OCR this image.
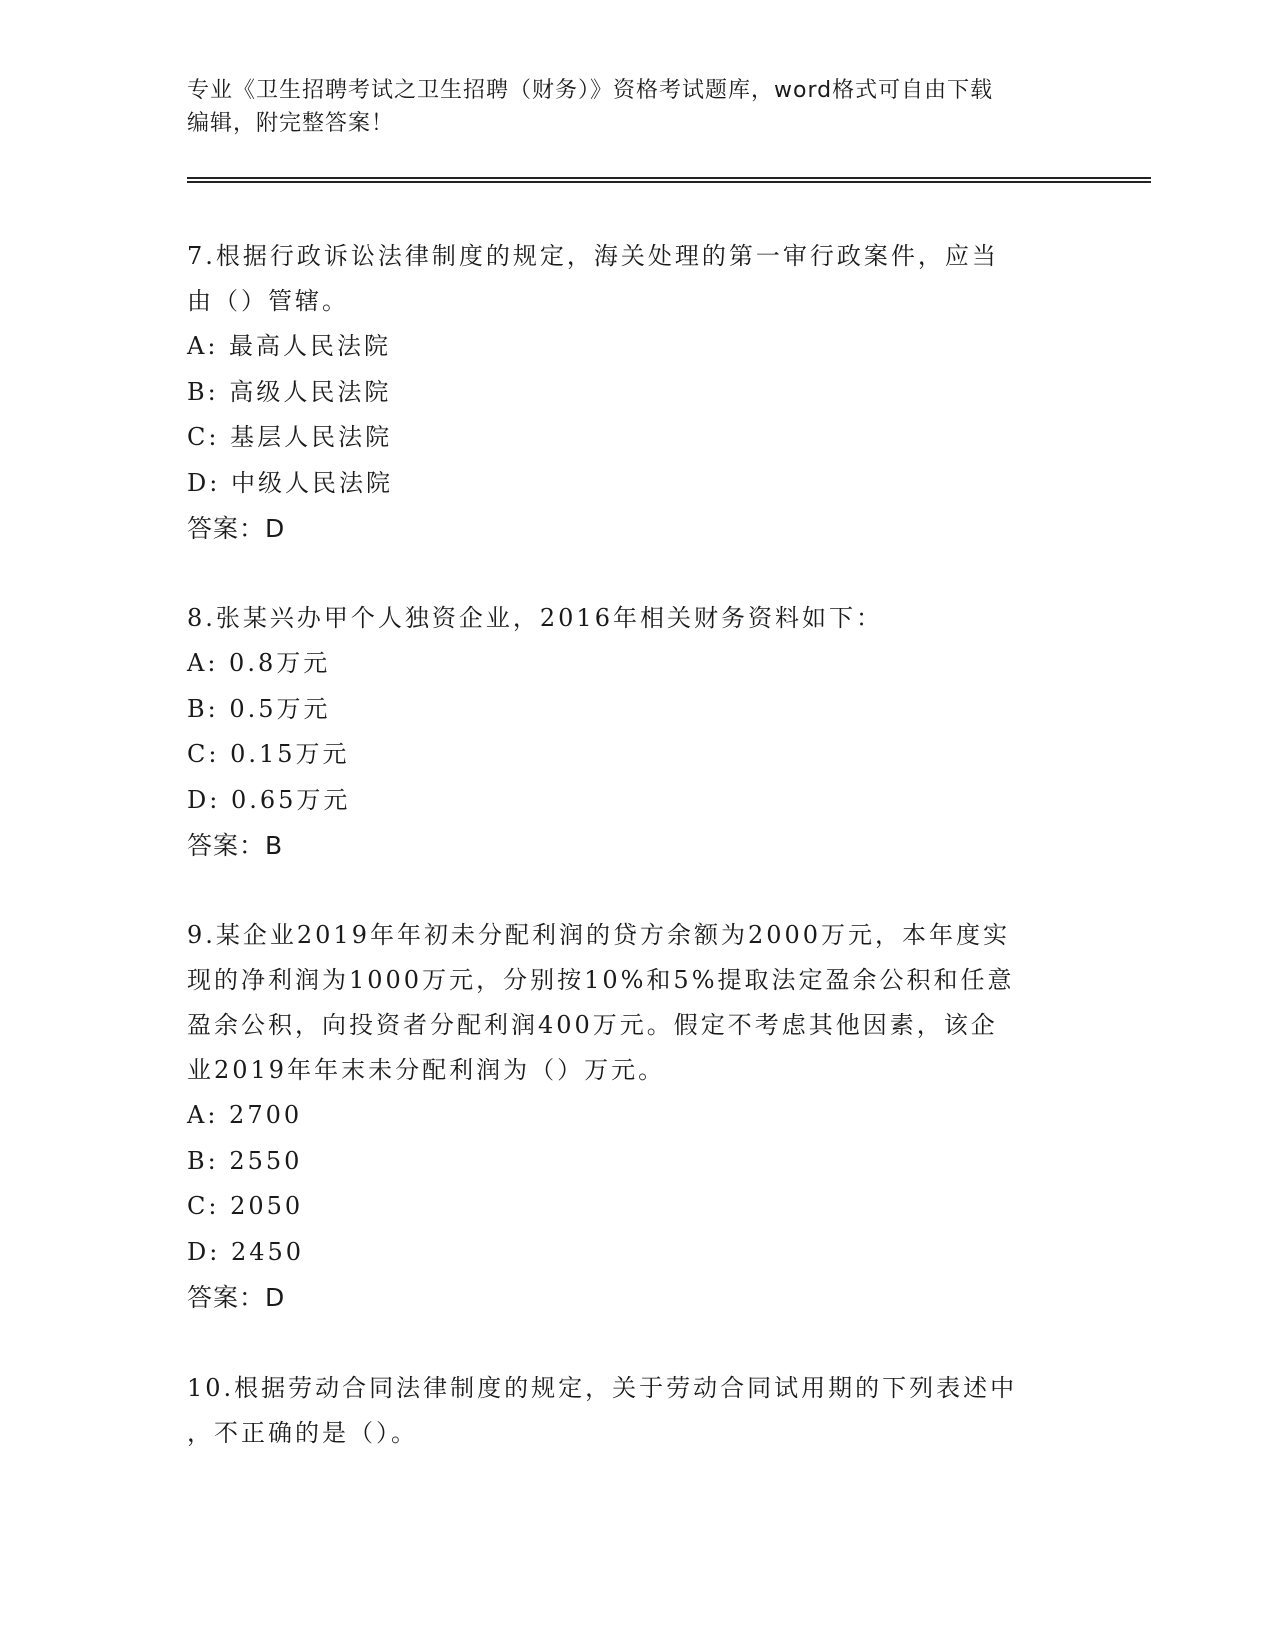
专业《卫生招聘考试之卫生招聘（财务）》资格考试题库，word格式可自由下载
编辑，附完整答案！

7.根据行政诉讼法律制度的规定，海关处理的第一审行政案件，应当

由（）管辖。

A: 最高人民法院

B: 高级人民法院

C: 基层人民法院

D: 中级人民法院

答案：D

8.张某兴办甲个人独资企业，2016年相关财务资料如下：

A: 0.8万元

B: 0.5万元

C: 0.15万元

D: 0.65万元

答案：B

9.某企业2019年年初未分配利润的贷方余额为2000万元，本年度实

现的净利润为1000万元，分别按10%和5%提取法定盈余公积和任意

盈余公积，向投资者分配利润400万元。假定不考虑其他因素，该企

业2019年年末未分配利润为（）万元。

A: 2700

B: 2550

C: 2050

D: 2450

答案：D

10.根据劳动合同法律制度的规定，关于劳动合同试用期的下列表述中

，不正确的是（）。
